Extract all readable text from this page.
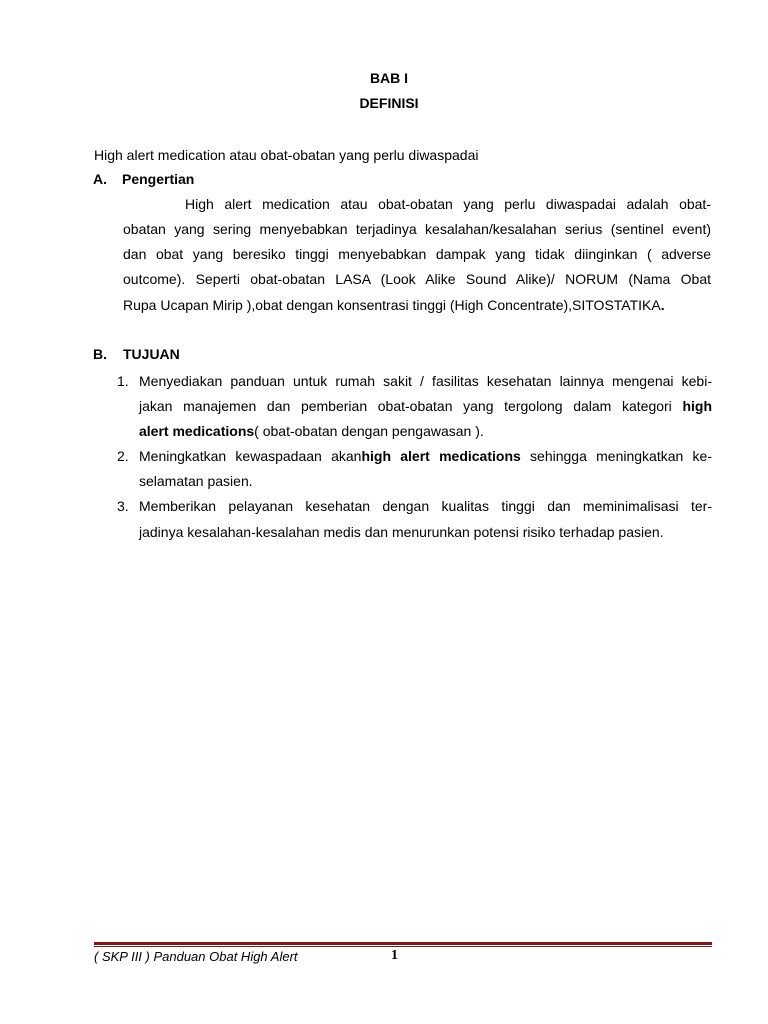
BAB I
DEFINISI
High alert medication atau obat-obatan yang perlu diwaspadai
A. Pengertian
High alert medication atau obat-obatan yang perlu diwaspadai adalah obat-
obatan yang sering menyebabkan terjadinya kesalahan/kesalahan serius (sentinel event)
dan obat yang beresiko tinggi menyebabkan dampak yang tidak diinginkan ( adverse
outcome). Seperti obat-obatan LASA (Look Alike Sound Alike)/ NORUM (Nama Obat
Rupa Ucapan Mirip ),obat dengan konsentrasi tinggi (High Concentrate),SITOSTATIKA.
B. TUJUAN
1. Menyediakan panduan untuk rumah sakit / fasilitas kesehatan lainnya mengenai kebi-
jakan manajemen dan pemberian obat-obatan yang tergolong dalam kategori high
alert medications( obat-obatan dengan pengawasan ).
2. Meningkatkan kewaspadaan akanhigh alert medications sehingga meningkatkan ke-
selamatan pasien.
3. Memberikan pelayanan kesehatan dengan kualitas tinggi dan meminimalisasi ter-
jadinya kesalahan-kesalahan medis dan menurunkan potensi risiko terhadap pasien.
( SKP III ) Panduan Obat High Alert	1
